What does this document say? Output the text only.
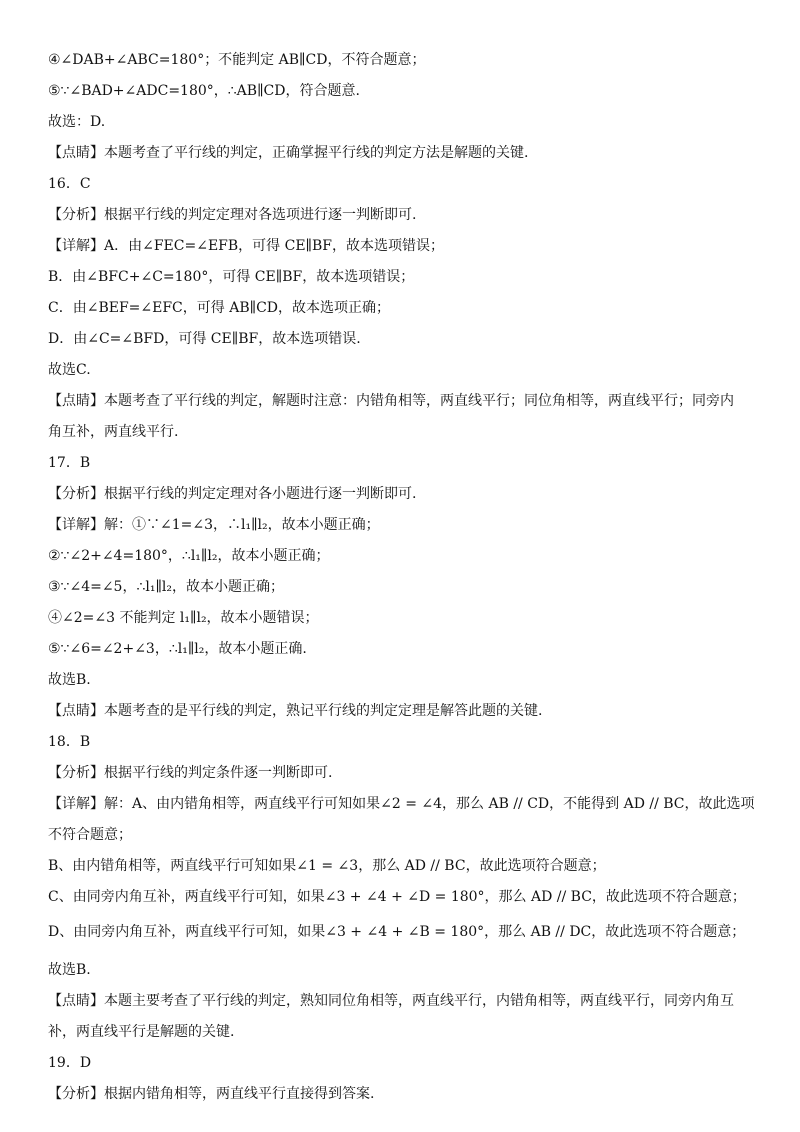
④∠DAB+∠ABC=180°；不能判定 AB∥CD，不符合题意；
⑤∵∠BAD+∠ADC=180°，∴AB∥CD，符合题意.
故选：D.
【点睛】本题考查了平行线的判定，正确掌握平行线的判定方法是解题的关键.
16．C
【分析】根据平行线的判定定理对各选项进行逐一判断即可.
【详解】A．由∠FEC=∠EFB，可得 CE∥BF，故本选项错误；
B．由∠BFC+∠C=180°，可得 CE∥BF，故本选项错误；
C．由∠BEF=∠EFC，可得 AB∥CD，故本选项正确；
D．由∠C=∠BFD，可得 CE∥BF，故本选项错误.
故选C.
【点睛】本题考查了平行线的判定，解题时注意：内错角相等，两直线平行；同位角相等，两直线平行；同旁内
角互补，两直线平行.
17．B
【分析】根据平行线的判定定理对各小题进行逐一判断即可.
【详解】解：①∵∠1=∠3，∴l₁∥l₂，故本小题正确；
②∵∠2+∠4=180°，∴l₁∥l₂，故本小题正确；
③∵∠4=∠5，∴l₁∥l₂，故本小题正确；
④∠2=∠3 不能判定 l₁∥l₂，故本小题错误；
⑤∵∠6=∠2+∠3，∴l₁∥l₂，故本小题正确.
故选B.
【点睛】本题考查的是平行线的判定，熟记平行线的判定定理是解答此题的关键.
18．B
【分析】根据平行线的判定条件逐一判断即可.
【详解】解：A、由内错角相等，两直线平行可知如果∠2 = ∠4，那么 AB // CD，不能得到 AD // BC，故此选项
不符合题意；
B、由内错角相等，两直线平行可知如果∠1 = ∠3，那么 AD // BC，故此选项符合题意；
C、由同旁内角互补，两直线平行可知，如果∠3 + ∠4 + ∠D = 180°，那么 AD // BC，故此选项不符合题意；
D、由同旁内角互补，两直线平行可知，如果∠3 + ∠4 + ∠B = 180°，那么 AB // DC，故此选项不符合题意；
故选B.
【点睛】本题主要考查了平行线的判定，熟知同位角相等，两直线平行，内错角相等，两直线平行，同旁内角互
补，两直线平行是解题的关键.
19．D
【分析】根据内错角相等，两直线平行直接得到答案.
